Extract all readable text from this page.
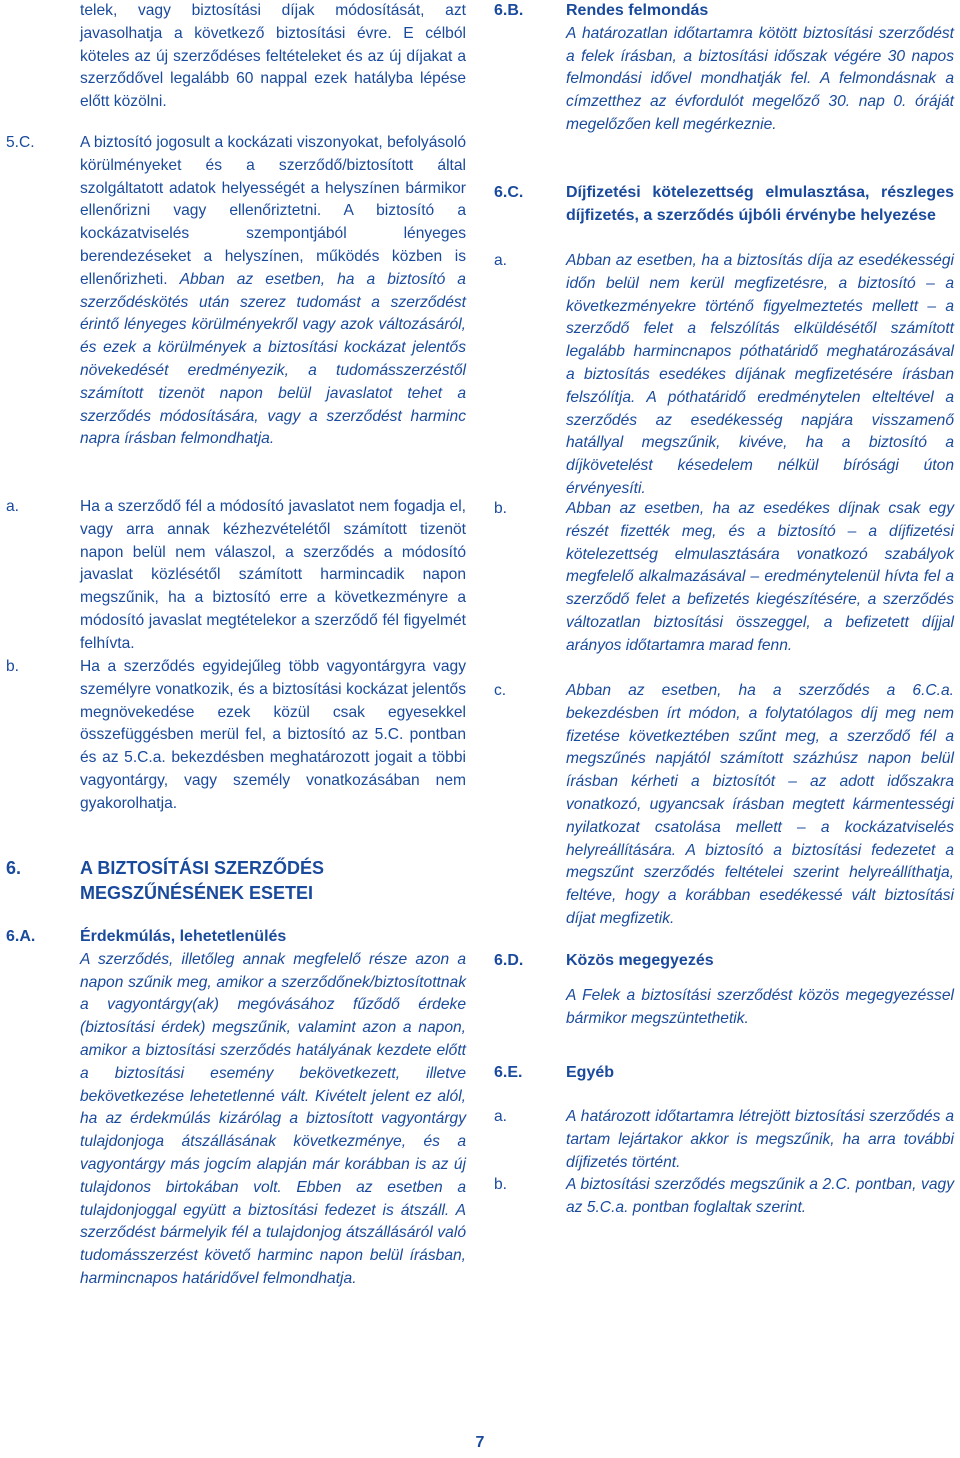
telek, vagy biztosítási díjak módosítását, azt javasolhatja a következő biztosítási évre. E célból köteles az új szerződéses feltételeket és az új díjakat a szerződővel legalább 60 nappal ezek hatályba lépése előtt közölni.
5.C.	A biztosító jogosult a kockázati viszonyokat, befolyásoló körülményeket és a szerződő/biztosított által szolgáltatott adatok helyességét a helyszínen bármikor ellenőrizni vagy ellenőriztetni. A biztosító a kockázatviselés szempontjából lényeges berendezéseket a helyszínen, működés közben is ellenőrizheti. Abban az esetben, ha a biztosító a szerződéskötés után szerez tudomást a szerződést érintő lényeges körülményekről vagy azok változásáról, és ezek a körülmények a biztosítási kockázat jelentős növekedését eredményezik, a tudomásszerzéstől számított tizenöt napon belül javaslatot tehet a szerződés módosítására, vagy a szerződést harminc napra írásban felmondhatja.

a.	Ha a szerződő fél a módosító javaslatot nem fogadja el, vagy arra annak kézhezvételétől számított tizenöt napon belül nem válaszol, a szerződés a módosító javaslat közlésétől számított harmincadik napon megszűnik, ha a biztosító erre a következményre a módosító javaslat megtételekor a szerződő fél figyelmét felhívta.
b.	Ha a szerződés egyidejűleg több vagyontárgyra vagy személyre vonatkozik, és a biztosítási kockázat jelentős megnövekedése ezek közül csak egyesekkel összefüggésben merül fel, a biztosító az 5.C. pontban és az 5.C.a. bekezdésben meghatározott jogait a többi vagyontárgy, vagy személy vonatkozásában nem gyakorolhatja.
6.	A BIZTOSÍTÁSI SZERZŐDÉS
MEGSZŰNÉSÉNEK ESETEI
6.A.	Érdekmúlás, lehetetlenülés
A szerződés, illetőleg annak megfelelő része azon a napon szűnik meg, amikor a szerződőnek/biztosítottnak a vagyontárgy(ak) megóvásához fűződő érdeke (biztosítási érdek) megszűnik, valamint azon a napon, amikor a biztosítási szerződés hatályának kezdete előtt a biztosítási esemény bekövetkezett, illetve bekövetkezése lehetetlenné vált. Kivételt jelent ez alól, ha az érdekmúlás kizárólag a biztosított vagyontárgy tulajdonjoga átszállásának következménye, és a vagyontárgy más jogcím alapján már korábban is az új tulajdonos birtokában volt. Ebben az esetben a tulajdonjoggal együtt a biztosítási fedezet is átszáll. A szerződést bármelyik fél a tulajdonjog átszállásáról való tudomásszerzést követő harminc napon belül írásban, harmincnapos határidővel felmondhatja.
6.B.	Rendes felmondás
A határozatlan időtartamra kötött biztosítási szerződést a felek írásban, a biztosítási időszak végére 30 napos felmondási idővel mondhatják fel. A felmondásnak a címzetthez az évfordulót megelőző 30. nap 0. óráját megelőzően kell megérkeznie.
6.C.	Díjfizetési kötelezettség elmulasztása, részleges díjfizetés, a szerződés újbóli érvénybe helyezése
a.	Abban az esetben, ha a biztosítás díja az esedékességi időn belül nem kerül megfizetésre, a biztosító – a következményekre történő figyelmeztetés mellett – a szerződő felet a felszólítás elküldésétől számított legalább harmincnapos póthatáridő meghatározásával a biztosítás esedékes díjának megfizetésére írásban felszólítja. A póthatáridő eredménytelen elteltével a szerződés az esedékesség napjára visszamenő hatállyal megszűnik, kivéve, ha a biztosító a díjkövetelést késedelem nélkül bírósági úton érvényesíti.
b.	Abban az esetben, ha az esedékes díjnak csak egy részét fizették meg, és a biztosító – a díjfizetési kötelezettség elmulasztására vonatkozó szabályok megfelelő alkalmazásával – eredménytelenül hívta fel a szerződő felet a befizetés kiegészítésére, a szerződés változatlan biztosítási összeggel, a befizetett díjjal arányos időtartamra marad fenn.
c.	Abban az esetben, ha a szerződés a 6.C.a. bekezdésben írt módon, a folytatólagos díj meg nem fizetése következtében szűnt meg, a szerződő fél a megszűnés napjától számított százhúsz napon belül írásban kérheti a biztosítót – az adott időszakra vonatkozó, ugyancsak írásban megtett kármentességi nyilatkozat csatolása mellett – a kockázatviselés helyreállítására. A biztosító a biztosítási fedezetet a megszűnt szerződés feltételei szerint helyreállíthatja, feltéve, hogy a korábban esedékessé vált biztosítási díjat megfizetik.
6.D.	Közös megegyezés
A Felek a biztosítási szerződést közös megegyezéssel bármikor megszüntethetik.
6.E.	Egyéb
a.	A határozott időtartamra létrejött biztosítási szerződés a tartam lejártakor akkor is megszűnik, ha arra további díjfizetés történt.
b.	A biztosítási szerződés megszűnik a 2.C. pontban, vagy az 5.C.a. pontban foglaltak szerint.
7
